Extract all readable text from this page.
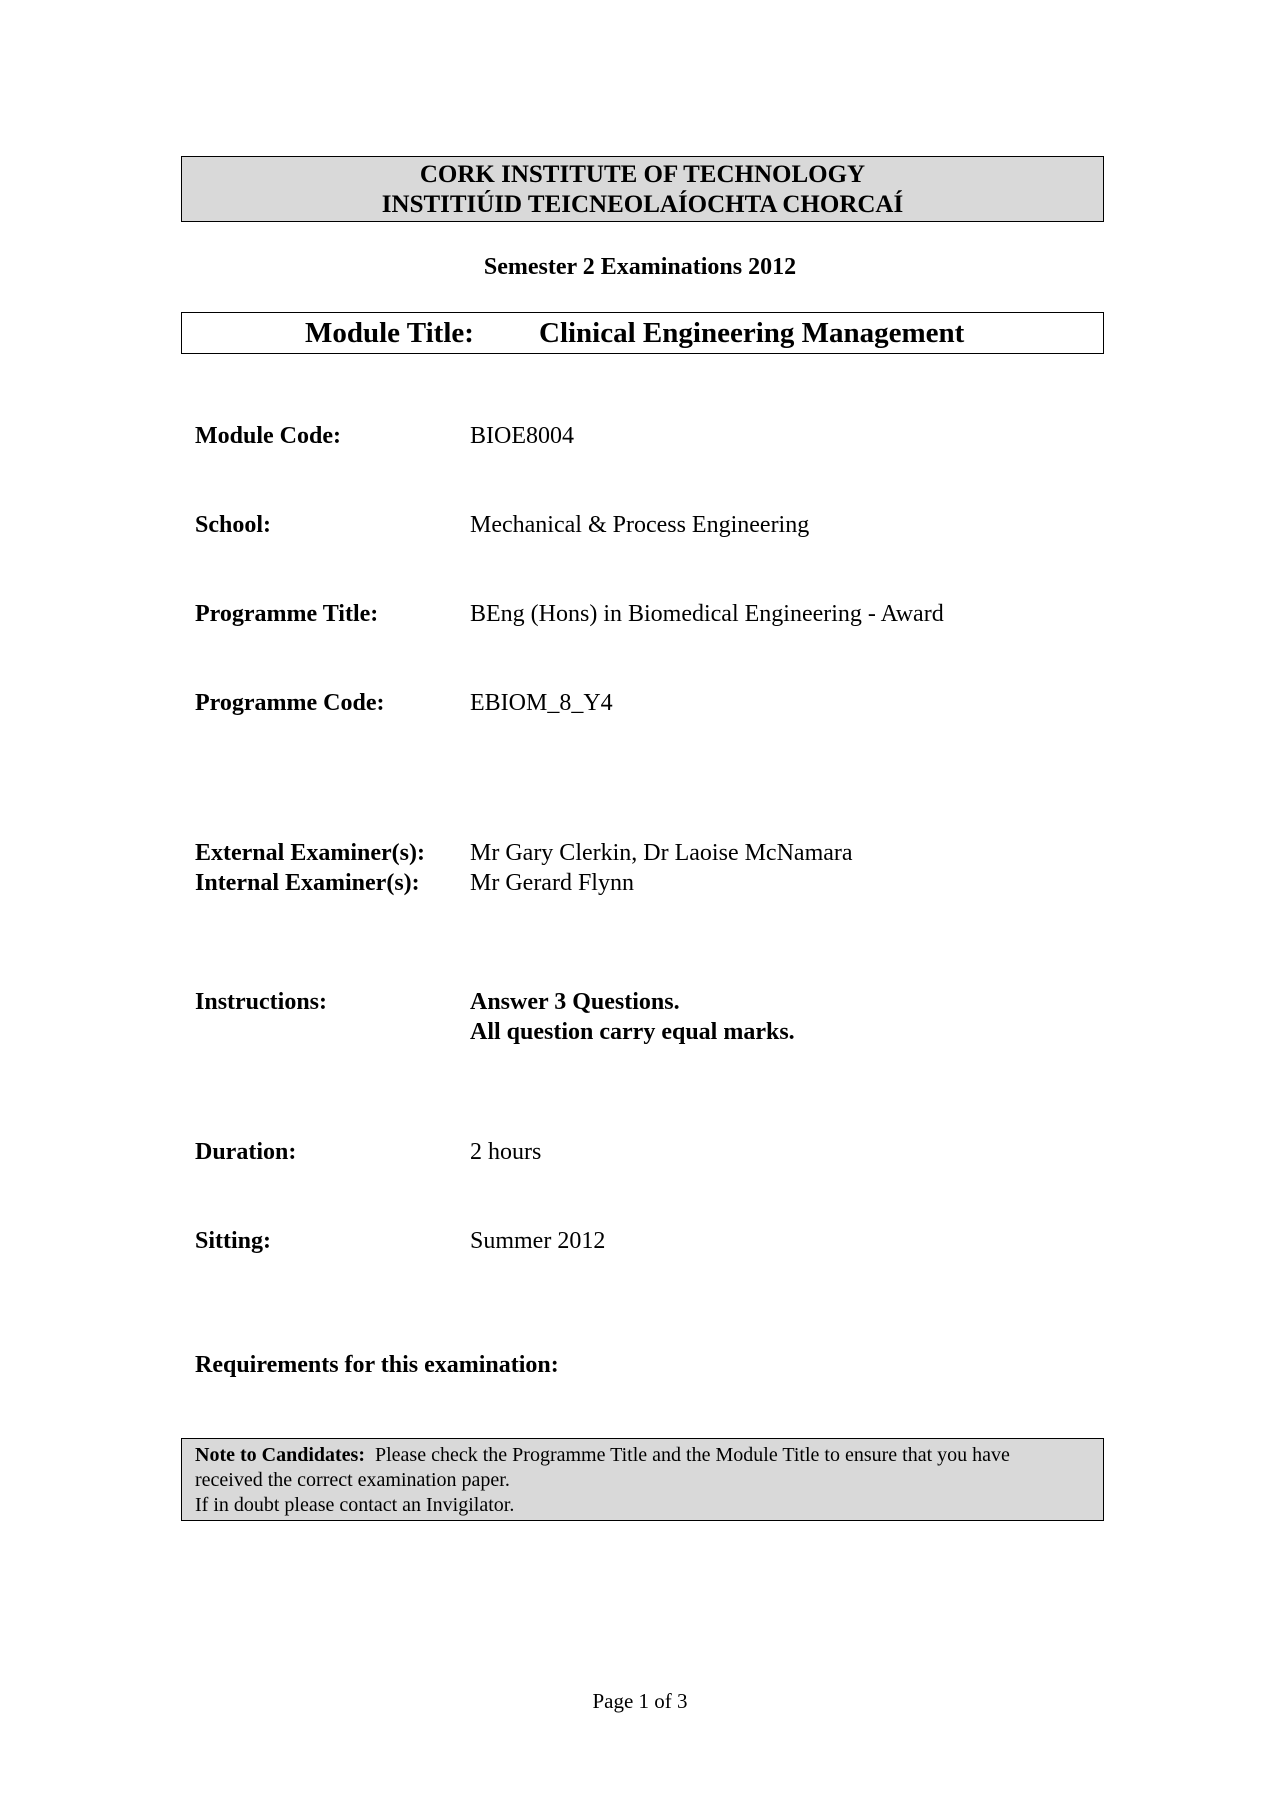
CORK INSTITUTE OF TECHNOLOGY
INSTITIÚID TEICNEOLAÍOCHTA CHORCAÍ
Semester 2 Examinations 2012
Module Title: Clinical Engineering Management
Module Code:	BIOE8004
School:	Mechanical & Process Engineering
Programme Title:	BEng (Hons) in Biomedical Engineering - Award
Programme Code:	EBIOM_8_Y4
External Examiner(s): Mr Gary Clerkin, Dr Laoise McNamara
Internal Examiner(s): Mr Gerard Flynn
Instructions:	Answer 3 Questions.
All question carry equal marks.
Duration:	2 hours
Sitting:	Summer 2012
Requirements for this examination:
Note to Candidates: Please check the Programme Title and the Module Title to ensure that you have
received the correct examination paper.
If in doubt please contact an Invigilator.
Page 1 of 3
